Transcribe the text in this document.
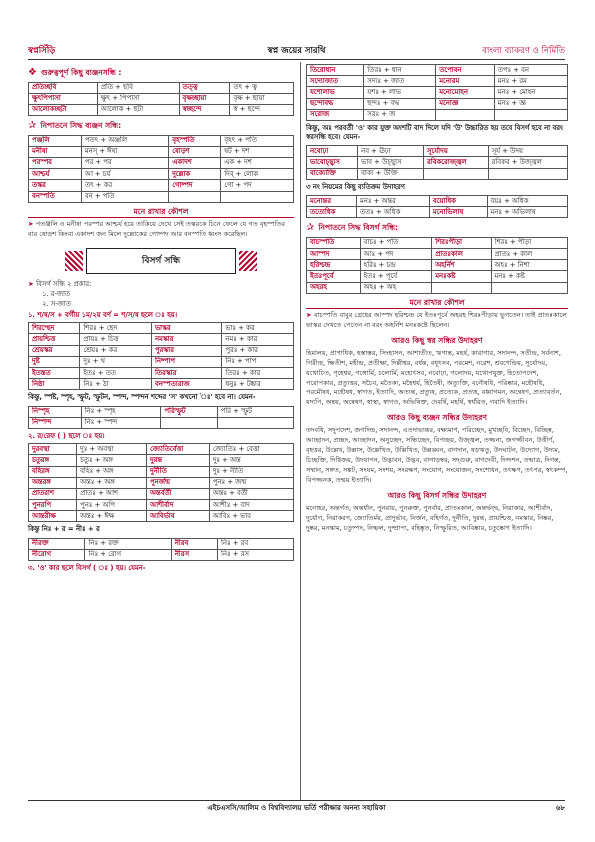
স্বপ্নসিঁড়ি	স্বপ্ন জয়ের সারথি	বাংলা ব্যাকরণ ও নির্মিতি
❖ গুরুত্বপূর্ণ কিছু ব্যঞ্জনসন্ধি :
প্রতিচ্ছবি	প্রতি + ছবি	তত্ত্ব	তৎ + ত্ব
ক্ষুৎপিপাসা	ক্ষুৎ + পিপাসা	বৃক্ষচ্ছায়া	বৃক্ষ + ছায়া
আলোকচ্ছটা	আলোক + ছটা	স্বচ্ছন্দে	স্ব + ছন্দে
✰ নিপাতনে সিদ্ধ ব্যঞ্জন সন্ধি:
পঞ্জলি	পতৎ + অঞ্জলি	বৃহস্পতি	বৃহৎ + পতি
মনীষা	মনস্ + ঈষা	ষোড়শ	ষট + দশ
পরস্পর	পর + পর	একাদশ	এক + দশ
আশ্চর্য	আ + চর্য	দুল্লোক	দিব্ + লোক
তস্কর	তৎ + কর	গোষ্পদ	গো + পদ
বনস্পতি	বন + পতি		
মনে রাখার কৌশল
➤ পতঞ্জলি ও মনীষা পরস্পর আশ্চর্য হয়ে তাকিয়ে দেখে সেই তস্করকে চিনে ফেলে যে গত বৃহস্পতির বার ষোড়শ কিংবা একাদশ জন মিলে দুল্লোকের গোষ্পদ আর বনস্পতি ধ্বংস করেছিল।
বিসর্গ সন্ধি
➤ বিসর্গ সন্ধি ২ প্রকার:
১. র-জাত
২. স-জাত
১. শ/ষ/স + বর্গীয় ১ম/২য় বর্ণ = শ/স/ষ ছলে ঃ হয়।
শিরশ্ছেদ	শিরঃ + ছেদ	ভাস্কর	ভাঃ + কর
প্রায়শ্চিত্ত	প্রায়ঃ + চিত্ত	নমস্কার	নমঃ + কার
শ্রেয়স্কর	শ্রেয়ঃ + কর	পুরস্কার	পুরঃ + কার
দুষ্ট	দুঃ + থ	নিষ্পাপ	নিঃ + পাপ
ইতস্তত	ইতঃ + তত	তিরস্কার	তিরঃ + কার
নিষ্ঠা	নিঃ + ঠা	বনস্পত্যরাজ	ধনুঃ + টঙ্কার
কিন্তু, স্পষ্ট, স্পৃহ, স্ফুট, স্ফুটন, স্পন্দ, স্পন্দন শব্দের 'স' কখনো 'ঃ' হবে না। যেমন-
নিস্পৃহ	নিঃ + স্পৃহ	পরিস্ফুট	পরি + স্ফুট
নিস্পন্দ	নিঃ + স্পন্দ		
২. র/রেফ ( ) ছলে ঃ হয়।
দুরবস্থা	দুঃ + অবস্থা	জ্যোতির্বেত্তা	জ্যোতিঃ + বেত্তা
চতুরঙ্গ	চতুঃ + অঙ্গ	দুরন্ত	দুঃ + অন্ত
বহিরঙ্গ	বহিঃ + অঙ্গ	দুর্নীতি	দুঃ + নীতি
অন্তরঙ্গ	অন্তঃ + অঙ্গ	পুনর্জন্ম	পুনঃ + জন্ম
প্রাতরাশ	প্রাতঃ + আশ	অন্তর্বর্তী	অন্তঃ + বর্তী
পুনরপি	পুনঃ + অপি	আশীর্বাদ	আশীঃ + বাদ
আন্তরীক্ষ	অন্তঃ + ঈক্ষ	আবির্ভাব	আবিঃ + ভাব
কিন্তু নিঃ + র = নীঃ + র
নীরক্ত	নিঃ + রক্ত	নীরব	নিঃ + রব
নীরোগ	নিঃ + রোগ	নীরস	নিঃ + রস
৩. 'ও' কার ছলে বিসর্গ ( ঃ ) হয়। যেমন-
তিরোধান	তিরঃ + ধান	তপোবন	তপঃ + বন
সদ্যোজাত	সদ্যঃ + জাত	মনোরম	মনঃ + রম
যশোলাভ	যশঃ + লাভ	মনোমোহন	মনঃ + মোহন
ছন্দোবদ্ধ	ছন্দঃ + বদ্ধ	মনোজ্ঞ	মনঃ + জ্ঞ
সরোজ	সরঃ + জ		
কিন্তু, অঃ পরবর্তী 'ও' কার যুক্ত অংশটি বাদ দিলে যদি 'উ' উচ্চারিত হয় তবে বিসর্গ হবে না বরং স্বরসন্ধি হবে। যেমন-
নবোঢ়া	নব + ঊঢ়া	সূর্যোদয়	সূর্য + উদয়
ভাবোচ্ছ্বাস	ভাব + উচ্ছ্বাস	রবিকরোজ্জ্বল	রবিকর + উজ্জ্বল
বাক্যোক্তি	বাক্য + উক্তি		
৩ নং নিয়মের কিছু ব্যতিক্রম উদাহরণ
মনোন্তর	মনঃ + অন্তর	বয়োধিক	বয়ঃ + অধিক
ততোধিক	ততঃ + অধিক	মনোভিলাষ	মনঃ + অভিলাষ
✰ নিপাতনে সিদ্ধ বিসর্গ সন্ধি:
বাচস্পতি	বাচঃ + পতি	শিরঃপীড়া	শিরঃ + পীড়া
আস্পদ	আঃ + পদ	প্রাতঃকাল	প্রাতঃ + কাল
হরিশ্চন্দ্র	হরিঃ + চন্দ্র	অহর্নিশ	অহঃ + নিশা
ইতঃপূর্বে	ইতঃ + পূর্বে	মনঃকষ্ট	মনঃ + কষ্ট
অহরহ	অহঃ + অহ		
মনে রাখার কৌশল
➤ বাচস্পতি বাবুর গ্রেহের আস্পদ হরিশ্চন্দ্র যে ইতঃপূর্বে অহরহ শিরঃপীড়ায় ভুগতেন। তাই প্রাতঃকালে ভাস্কর দেখতে পেতেন না বরং অহর্নিশ মনঃকষ্টে ছিলেন।
আরও কিছু স্বর সন্ধির উদাহরণ
হিমালয়, প্রাণাধিক, হস্তাস্তর, সিংহাসন, আশাতীত, ঋণান্ত, মহর্ষ, কারাগার, সদানন্দ, সতীন্দ্র, সর্বনাশ, গিরীন্দ্র, ক্ষিতীশ, মহীন্দ্র, প্রতীক্ষা, দিল্লীশ্বর, বর্ধন্ত, বধূৎসব, পরমেশ, নরেশ, শ্রবণেন্দ্রিয়, সূর্যোদয়, যথোচিত, গৃহেশ্বর, গঙ্গোর্মি, চলোর্মি, মহোৎসব, নবোঢ়া, গলোদয়, যথোপযুক্ত, হিতোপদেশ, পরোপকার, প্রত্যুত্তর, সচৈব, মতৈক্য, মহৈশ্বর্য, হিতৈষী, অত্যুক্তি, বনৌষধি, পরিষ্কার, মহৌষধি, পরমৌষধ, মহৌষধ, স্বাগত, ইত্যাদি, অত্যন্ত, প্রত্যুষ, প্রত্যেক, প্রত্যহ, বধ্বাগমন, অন্বেষণ, প্রত্যাবর্তন, যদ্যপি, অন্বয়, অন্বেষণ, স্বাস্থ্য, স্বাগত, অভিষিক্ত, দেবর্ষি, মহর্ষি, স্বর্ধরিত, গবাদি ইত্যাদি।
আরও কিছু ব্যঞ্জন সন্ধির উদাহরণ
তদবধি, সদুপদেশ, জগদিন্দ্র, সদানন্দ, এতদাভ্যন্তর, বক্ষ্যমাণ, পরিচ্ছেদ, মুখচ্ছবি, বিচ্ছেদ, বিচ্ছিন্ন, আচ্ছাদন, প্রচ্ছদ, আচ্ছাদন, অনুচ্ছেদ, সন্ধিচ্ছেদ, বিপচ্ছয়, উজ্জ্বল, তজ্জন্য, জগজ্জীবন, উত্তীর্ণ, বৃহত্তর, উল্লেখ, উল্লাস, উল্লেখিত, উল্লিখিত, উল্লঙ্ঘন, বাগদান, ষড়ঋতু, উদঘাটন, উদ্যোগ, উদ্যম, চিচ্ছক্তি, দিগ্বিজয়, উদযাপন, উদ্ভাবন, উদ্ভব, বাগাড়ম্বর, সদ্গুরু, বাগদেবী, দিগ্দশন, তন্মাত্র, দিগন্ত, সম্মান, সঙ্গত, সঙ্কট, সংযম, সংশয়, সংরক্ষণ, সংযোগ, সংযোজন, সংশোধন, তৎক্ষণ, তৎপর, স্বৎকম্প, বিপজ্জনক, তন্ময় ইত্যাদি।
আরও কিছু বিসর্গ সন্ধির উদাহরণ
মনোহর, অন্তর্গত, অন্তর্ধান, পুনরায়, পুনরুক্ত, পুনর্বার, প্রাতঃকাল, অন্তর্দ্বন্দ্ব, নিরাকার, আশীর্বাদ, দুর্যোগ, নিরাকরণ, জ্যোতির্ময়, প্রাদুর্ভাব, নির্জন, বহির্গত, দুর্নীতি, দুরন্ত, প্রায়শ্চিত্ত, নমস্কার, নিষ্কর, দুষ্কর, মনস্কাম, চতুষ্পদ, নিষ্ফল, দুষ্প্রাপ্য, বহিষ্কৃত, নিস্ফুরিত, আবিষ্কার, চতুষ্কোণ ইত্যাদি।
এইচএসসি/আলিম ও বিশ্ববিদ্যালয় ভর্তি পরীক্ষার অনন্য সহায়িকা	৬৮
